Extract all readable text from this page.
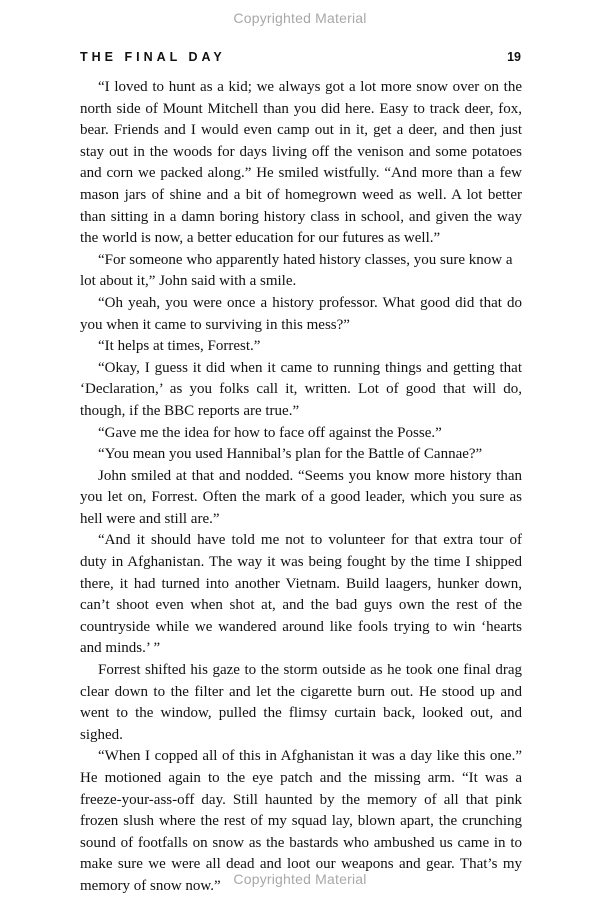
Copyrighted Material
THE FINAL DAY	19

“I loved to hunt as a kid; we always got a lot more snow over on the north side of Mount Mitchell than you did here. Easy to track deer, fox, bear. Friends and I would even camp out in it, get a deer, and then just stay out in the woods for days living off the venison and some potatoes and corn we packed along.” He smiled wistfully. “And more than a few mason jars of shine and a bit of homegrown weed as well. A lot better than sitting in a damn boring history class in school, and given the way the world is now, a better education for our futures as well.”

“For someone who apparently hated history classes, you sure know a lot about it,” John said with a smile.

“Oh yeah, you were once a history professor. What good did that do you when it came to surviving in this mess?”

“It helps at times, Forrest.”

“Okay, I guess it did when it came to running things and getting that ‘Declaration,’ as you folks call it, written. Lot of good that will do, though, if the BBC reports are true.”

“Gave me the idea for how to face off against the Posse.”

“You mean you used Hannibal’s plan for the Battle of Cannae?”

John smiled at that and nodded. “Seems you know more history than you let on, Forrest. Often the mark of a good leader, which you sure as hell were and still are.”

“And it should have told me not to volunteer for that extra tour of duty in Afghanistan. The way it was being fought by the time I shipped there, it had turned into another Vietnam. Build laagers, hunker down, can’t shoot even when shot at, and the bad guys own the rest of the countryside while we wandered around like fools trying to win ‘hearts and minds.’ ”

Forrest shifted his gaze to the storm outside as he took one final drag clear down to the filter and let the cigarette burn out. He stood up and went to the window, pulled the flimsy curtain back, looked out, and sighed.

“When I copped all of this in Afghanistan it was a day like this one.” He motioned again to the eye patch and the missing arm. “It was a freeze-your-ass-off day. Still haunted by the memory of all that pink frozen slush where the rest of my squad lay, blown apart, the crunching sound of footfalls on snow as the bastards who ambushed us came in to make sure we were all dead and loot our weapons and gear. That’s my memory of snow now.” Copyrighted Material
